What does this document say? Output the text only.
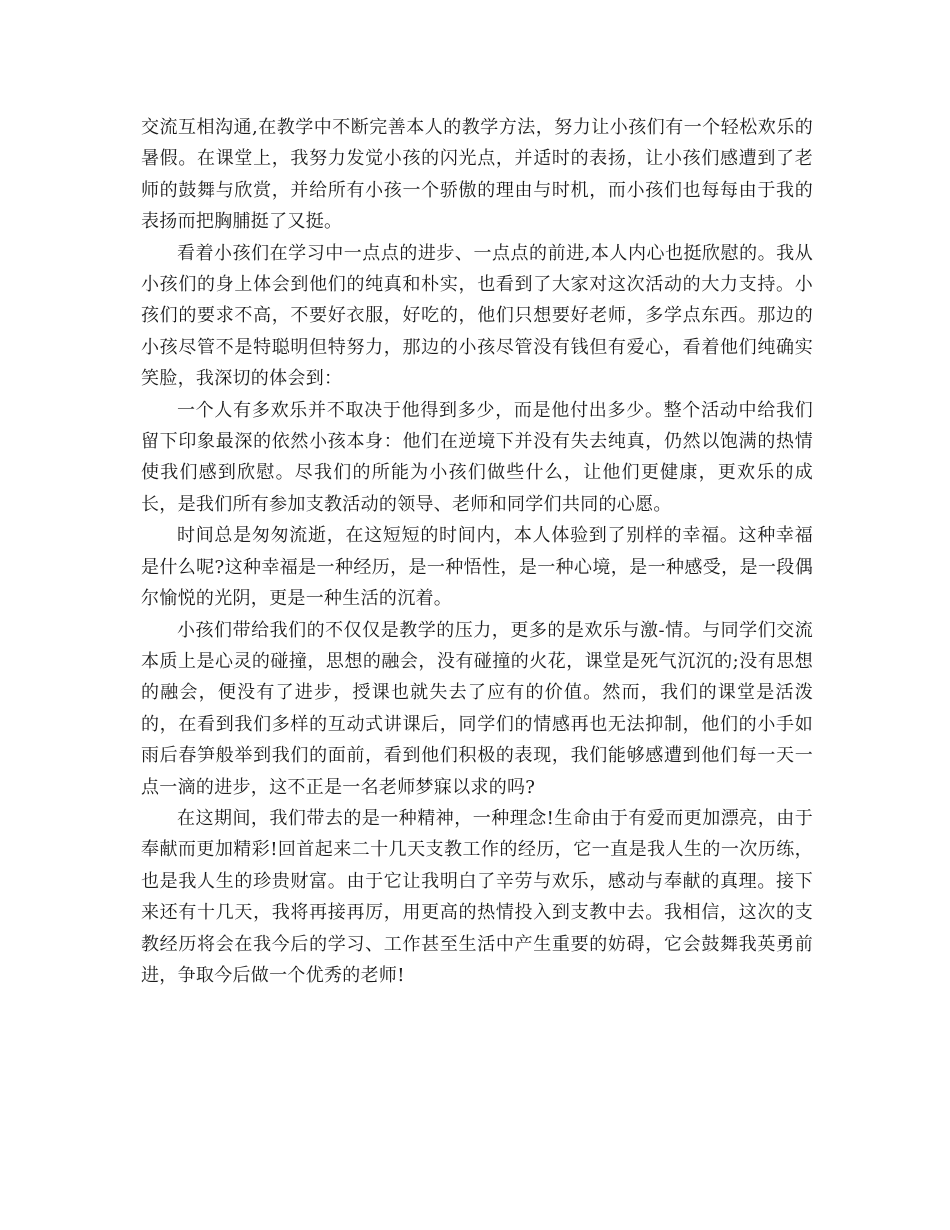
交流互相沟通,在教学中不断完善本人的教学方法，努力让小孩们有一个轻松欢乐的暑假。在课堂上，我努力发觉小孩的闪光点，并适时的表扬，让小孩们感遭到了老师的鼓舞与欣赏，并给所有小孩一个骄傲的理由与时机，而小孩们也每每由于我的表扬而把胸脯挺了又挺。

看着小孩们在学习中一点点的进步、一点点的前进,本人内心也挺欣慰的。我从小孩们的身上体会到他们的纯真和朴实，也看到了大家对这次活动的大力支持。小孩们的要求不高，不要好衣服，好吃的，他们只想要好老师，多学点东西。那边的小孩尽管不是特聪明但特努力，那边的小孩尽管没有钱但有爱心，看着他们纯确实笑脸，我深切的体会到：

一个人有多欢乐并不取决于他得到多少，而是他付出多少。整个活动中给我们留下印象最深的依然小孩本身：他们在逆境下并没有失去纯真，仍然以饱满的热情使我们感到欣慰。尽我们的所能为小孩们做些什么，让他们更健康，更欢乐的成长，是我们所有参加支教活动的领导、老师和同学们共同的心愿。

时间总是匆匆流逝，在这短短的时间内，本人体验到了别样的幸福。这种幸福是什么呢?这种幸福是一种经历，是一种悟性，是一种心境，是一种感受，是一段偶尔愉悦的光阴，更是一种生活的沉着。

小孩们带给我们的不仅仅是教学的压力，更多的是欢乐与激-情。与同学们交流本质上是心灵的碰撞，思想的融会，没有碰撞的火花，课堂是死气沉沉的;没有思想的融会，便没有了进步，授课也就失去了应有的价值。然而，我们的课堂是活泼的，在看到我们多样的互动式讲课后，同学们的情感再也无法抑制，他们的小手如雨后春笋般举到我们的面前，看到他们积极的表现，我们能够感遭到他们每一天一点一滴的进步，这不正是一名老师梦寐以求的吗?

在这期间，我们带去的是一种精神，一种理念!生命由于有爱而更加漂亮，由于奉献而更加精彩!回首起来二十几天支教工作的经历，它一直是我人生的一次历练，也是我人生的珍贵财富。由于它让我明白了辛劳与欢乐，感动与奉献的真理。接下来还有十几天，我将再接再厉，用更高的热情投入到支教中去。我相信，这次的支教经历将会在我今后的学习、工作甚至生活中产生重要的妨碍，它会鼓舞我英勇前进，争取今后做一个优秀的老师!
